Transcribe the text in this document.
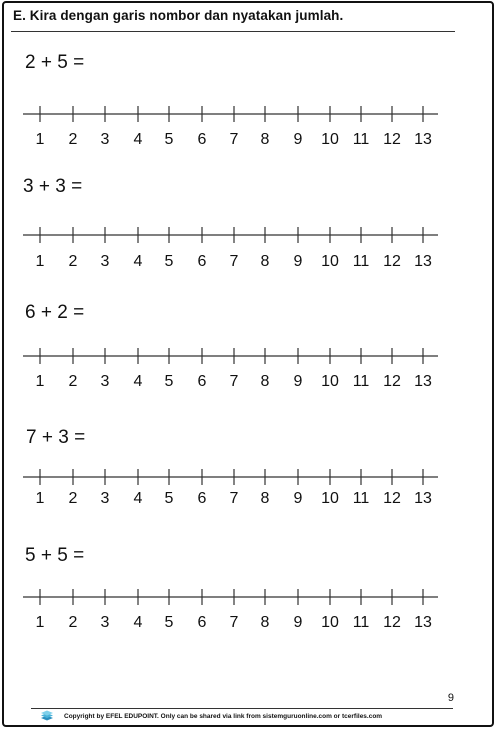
E. Kira dengan garis nombor dan nyatakan jumlah.
2 + 5 =
1 2 3 4 5 6 7 8 9 10 11 12 13
3 + 3 =
1 2 3 4 5 6 7 8 9 10 11 12 13
6 + 2 =
1 2 3 4 5 6 7 8 9 10 11 12 13
7 + 3 =
1 2 3 4 5 6 7 8 9 10 11 12 13
5 + 5 =
1 2 3 4 5 6 7 8 9 10 11 12 13
9
Copyright by EFEL EDUPOINT. Only can be shared via link from sistemguruonline.com or tcerfiles.com
